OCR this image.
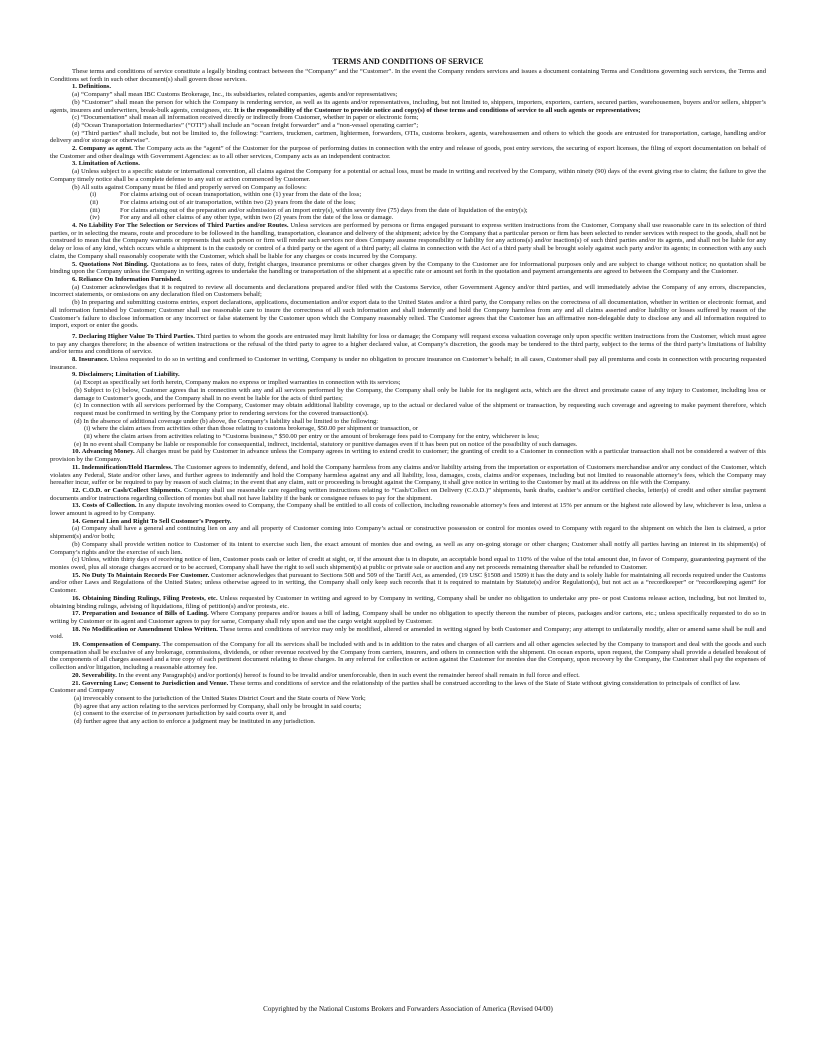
TERMS AND CONDITIONS OF SERVICE

These terms and conditions of service constitute a legally binding contract between the “Company” and the “Customer”. In the event the Company renders services and issues a document containing Terms and Conditions governing such services, the Terms and Conditions set forth in such other document(s) shall govern those services.

1. Definitions.

(a) “Company” shall mean IBC Customs Brokerage, Inc., its subsidiaries, related companies, agents and/or representatives;

(b) “Customer” shall mean the person for which the Company is rendering service, as well as its agents and/or representatives, including, but not limited to, shippers, importers, exporters, carriers, secured parties, warehousemen, buyers and/or sellers, shipper’s agents, insurers and underwriters, break-bulk agents, consignees, etc. It is the responsibility of the Customer to provide notice and copy(s) of these terms and conditions of service to all such agents or representatives;

(c) “Documentation” shall mean all information received directly or indirectly from Customer, whether in paper or electronic form;

(d) “Ocean Transportation Intermediaries” (“OTI”) shall include an “ocean freight forwarder” and a “non-vessel operating carrier”;

(e) “Third parties” shall include, but not be limited to, the following: “carriers, truckmen, cartmen, lightermen, forwarders, OTIs, customs brokers, agents, warehousemen and others to which the goods are entrusted for transportation, cartage, handling and/or delivery and/or storage or otherwise”.

2. Company as agent. The Company acts as the “agent” of the Customer for the purpose of performing duties in connection with the entry and release of goods, post entry services, the securing of export licenses, the filing of export documentation on behalf of the Customer and other dealings with Government Agencies: as to all other services, Company acts as an independent contractor.

3. Limitation of Actions.

(a) Unless subject to a specific statute or international convention, all claims against the Company for a potential or actual loss, must be made in writing and received by the Company, within ninety (90) days of the event giving rise to claim; the failure to give the Company timely notice shall be a complete defense to any suit or action commenced by Customer.

(b) All suits against Company must be filed and properly served on Company as follows:

(i)	For claims arising out of ocean transportation, within one (1) year from the date of the loss;
(ii)	For claims arising out of air transportation, within two (2) years from the date of the loss;
(iii)	For claims arising out of the preparation and/or submission of an import entry(s), within seventy five (75) days from the date of liquidation of the entry(s);
(iv)	For any and all other claims of any other type, within two (2) years from the date of the loss or damage.

4. No Liability For The Selection or Services of Third Parties and/or Routes. Unless services are performed by persons or firms engaged pursuant to express written instructions from the Customer, Company shall use reasonable care in its selection of third parties, or in selecting the means, route and procedure to be followed in the handling, transportation, clearance and delivery of the shipment; advice by the Company that a particular person or firm has been selected to render services with respect to the goods, shall not be construed to mean that the Company warrants or represents that such person or firm will render such services nor does Company assume responsibility or liability for any actions(s) and/or inaction(s) of such third parties and/or its agents, and shall not be liable for any delay or loss of any kind, which occurs while a shipment is in the custody or control of a third party or the agent of a third party; all claims in connection with the Act of a third party shall be brought solely against such party and/or its agents; in connection with any such claim, the Company shall reasonably cooperate with the Customer, which shall be liable for any charges or costs incurred by the Company.

5. Quotations Not Binding. Quotations as to fees, rates of duty, freight charges, insurance premiums or other charges given by the Company to the Customer are for informational purposes only and are subject to change without notice; no quotation shall be binding upon the Company unless the Company in writing agrees to undertake the handling or transportation of the shipment at a specific rate or amount set forth in the quotation and payment arrangements are agreed to between the Company and the Customer.

6. Reliance On Information Furnished.

(a) Customer acknowledges that it is required to review all documents and declarations prepared and/or filed with the Customs Service, other Government Agency and/or third parties, and will immediately advise the Company of any errors, discrepancies, incorrect statements, or omissions on any declaration filed on Customers behalf;

(b) In preparing and submitting customs entries, export declarations, applications, documentation and/or export data to the United States and/or a third party, the Company relies on the correctness of all documentation, whether in written or electronic format, and all information furnished by Customer; Customer shall use reasonable care to insure the correctness of all such information and shall indemnify and hold the Company harmless from any and all claims asserted and/or liability or losses suffered by reason of the Customer’s failure to disclose information or any incorrect or false statement by the Customer upon which the Company reasonably relied. The Customer agrees that the Customer has an affirmative non-delegable duty to disclose any and all information required to import, export or enter the goods.

7. Declaring Higher Value To Third Parties. Third parties to whom the goods are entrusted may limit liability for loss or damage; the Company will request excess valuation coverage only upon specific written instructions from the Customer, which must agree to pay any charges therefore; in the absence of written instructions or the refusal of the third party to agree to a higher declared value, at Company’s discretion, the goods may be tendered to the third party, subject to the terms of the third party’s limitations of liability and/or terms and conditions of service.

8. Insurance. Unless requested to do so in writing and confirmed to Customer in writing, Company is under no obligation to procure insurance on Customer’s behalf; in all cases, Customer shall pay all premiums and costs in connection with procuring requested insurance.

9. Disclaimers; Limitation of Liability.

(a) Except as specifically set forth herein, Company makes no express or implied warranties in connection with its services;

(b) Subject to (c) below, Customer agrees that in connection with any and all services performed by the Company, the Company shall only be liable for its negligent acts, which are the direct and proximate cause of any injury to Customer, including loss or damage to Customer’s goods, and the Company shall in no event be liable for the acts of third parties;

(c) In connection with all services performed by the Company, Customer may obtain additional liability coverage, up to the actual or declared value of the shipment or transaction, by requesting such coverage and agreeing to make payment therefore, which request must be confirmed in writing by the Company prior to rendering services for the covered transaction(s).

(d) In the absence of additional coverage under (b) above, the Company’s liability shall be limited to the following:

(i) where the claim arises from activities other than those relating to customs brokerage, $50.00 per shipment or transaction, or

(ii) where the claim arises from activities relating to “Customs business,” $50.00 per entry or the amount of brokerage fees paid to Company for the entry, whichever is less;

(e) In no event shall Company be liable or responsible for consequential, indirect, incidental, statutory or punitive damages even if it has been put on notice of the possibility of such damages.

10. Advancing Money. All charges must be paid by Customer in advance unless the Company agrees in writing to extend credit to customer; the granting of credit to a Customer in connection with a particular transaction shall not be considered a waiver of this provision by the Company.

11. Indemnification/Hold Harmless. The Customer agrees to indemnify, defend, and hold the Company harmless from any claims and/or liability arising from the importation or exportation of Customers merchandise and/or any conduct of the Customer, which violates any Federal, State and/or other laws, and further agrees to indemnify and hold the Company harmless against any and all liability, loss, damages, costs, claims and/or expenses, including but not limited to reasonable attorney’s fees, which the Company may hereafter incur, suffer or be required to pay by reason of such claims; in the event that any claim, suit or proceeding is brought against the Company, it shall give notice in writing to the Customer by mail at its address on file with the Company.

12. C.O.D. or Cash/Collect Shipments. Company shall use reasonable care regarding written instructions relating to “Cash/Collect on Delivery (C.O.D.)” shipments, bank drafts, cashier’s and/or certified checks, letter(s) of credit and other similar payment documents and/or instructions regarding collection of monies but shall not have liability if the bank or consignee refuses to pay for the shipment.

13. Costs of Collection. In any dispute involving monies owed to Company, the Company shall be entitled to all costs of collection, including reasonable attorney’s fees and interest at 15% per annum or the highest rate allowed by law, whichever is less, unless a lower amount is agreed to by Company.

14. General Lien and Right To Sell Customer’s Property.

(a) Company shall have a general and continuing lien on any and all property of Customer coming into Company’s actual or constructive possession or control for monies owed to Company with regard to the shipment on which the lien is claimed, a prior shipment(s) and/or both;

(b) Company shall provide written notice to Customer of its intent to exercise such lien, the exact amount of monies due and owing, as well as any on-going storage or other charges; Customer shall notify all parties having an interest in its shipment(s) of Company’s rights and/or the exercise of such lien.

(c) Unless, within thirty days of receiving notice of lien, Customer posts cash or letter of credit at sight, or, if the amount due is in dispute, an acceptable bond equal to 110% of the value of the total amount due, in favor of Company, guaranteeing payment of the monies owed, plus all storage charges accrued or to be accrued, Company shall have the right to sell such shipment(s) at public or private sale or auction and any net proceeds remaining thereafter shall be refunded to Customer.

15. No Duty To Maintain Records For Customer. Customer acknowledges that pursuant to Sections 508 and 509 of the Tariff Act, as amended, (19 USC §1508 and 1509) it has the duty and is solely liable for maintaining all records required under the Customs and/or other Laws and Regulations of the United States; unless otherwise agreed to in writing, the Company shall only keep such records that it is required to maintain by Statute(s) and/or Regulation(s), but not act as a “recordkeeper” or “recordkeeping agent” for Customer.

16. Obtaining Binding Rulings, Filing Protests, etc. Unless requested by Customer in writing and agreed to by Company in writing, Company shall be under no obligation to undertake any pre- or post Customs release action, including, but not limited to, obtaining binding rulings, advising of liquidations, filing of petition(s) and/or protests, etc.

17. Preparation and Issuance of Bills of Lading. Where Company prepares and/or issues a bill of lading, Company shall be under no obligation to specify thereon the number of pieces, packages and/or cartons, etc.; unless specifically requested to do so in writing by Customer or its agent and Customer agrees to pay for same, Company shall rely upon and use the cargo weight supplied by Customer.

18. No Modification or Amendment Unless Written. These terms and conditions of service may only be modified, altered or amended in writing signed by both Customer and Company; any attempt to unilaterally modify, alter or amend same shall be null and void.

19. Compensation of Company. The compensation of the Company for all its services shall be included with and is in addition to the rates and charges of all carriers and all other agencies selected by the Company to transport and deal with the goods and such compensation shall be exclusive of any brokerage, commissions, dividends, or other revenue received by the Company from carriers, insurers, and others in connection with the shipment. On ocean exports, upon request, the Company shall provide a detailed breakout of the components of all charges assessed and a true copy of each pertinent document relating to these charges. In any referral for collection or action against the Customer for monies due the Company, upon recovery by the Company, the Customer shall pay the expenses of collection and/or litigation, including a reasonable attorney fee.

20. Severability. In the event any Paragraph(s) and/or portion(s) hereof is found to be invalid and/or unenforceable, then in such event the remainder hereof shall remain in full force and effect.

21. Governing Law; Consent to Jurisdiction and Venue. These terms and conditions of service and the relationship of the parties shall be construed according to the laws of the State of State without giving consideration to principals of conflict of law.

Customer and Company

(a) irrevocably consent to the jurisdiction of the United States District Court and the State courts of New York;

(b) agree that any action relating to the services performed by Company, shall only be brought in said courts;

(c) consent to the exercise of in personam jurisdiction by said courts over it, and

(d) further agree that any action to enforce a judgment may be instituted in any jurisdiction.

Copyrighted by the National Customs Brokers and Forwarders Association of America (Revised 04/00)
